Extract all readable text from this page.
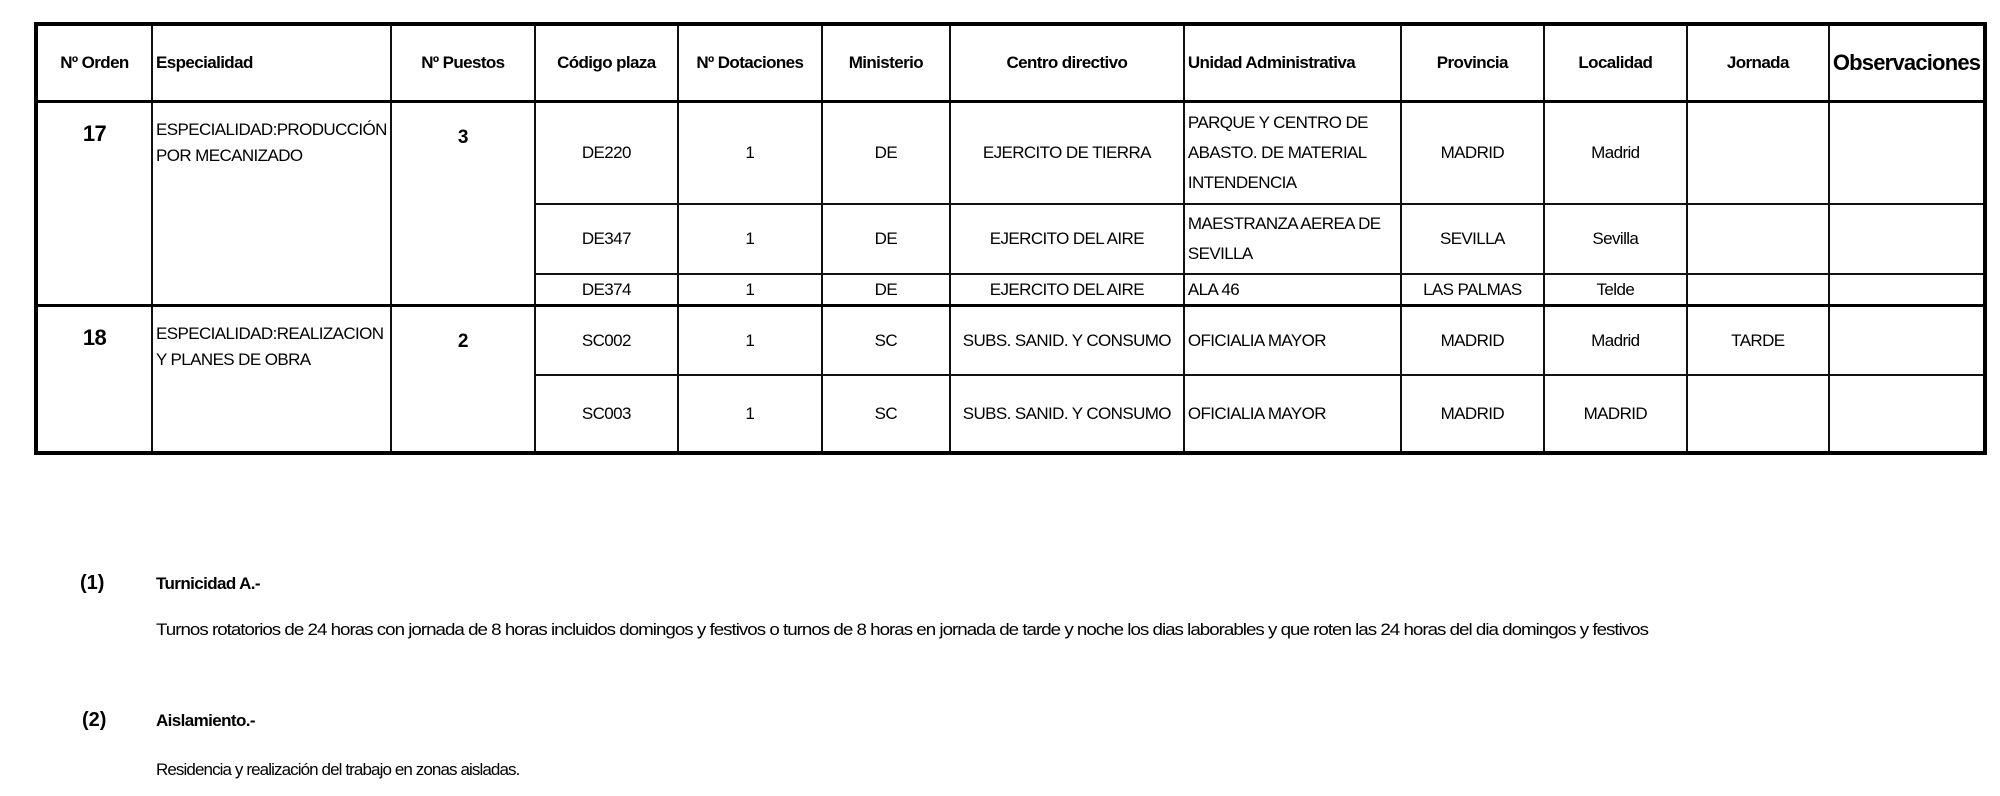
Nº Orden	Especialidad	Nº Puestos	Código plaza	Nº Dotaciones	Ministerio	Centro directivo	Unidad Administrativa	Provincia	Localidad	Jornada	Observaciones
17	ESPECIALIDAD:PRODUCCIÓN POR MECANIZADO	3	DE220	1	DE	EJERCITO DE TIERRA	PARQUE Y CENTRO DE ABASTO. DE MATERIAL INTENDENCIA	MADRID	Madrid		
			DE347	1	DE	EJERCITO DEL AIRE	MAESTRANZA AEREA DE SEVILLA	SEVILLA	Sevilla		
			DE374	1	DE	EJERCITO DEL AIRE	ALA 46	LAS PALMAS	Telde		
18	ESPECIALIDAD:REALIZACION Y PLANES DE OBRA	2	SC002	1	SC	SUBS. SANID. Y CONSUMO	OFICIALIA MAYOR	MADRID	Madrid	TARDE	
			SC003	1	SC	SUBS. SANID. Y CONSUMO	OFICIALIA MAYOR	MADRID	MADRID		
(1)	Turnicidad A.-
Turnos rotatorios de 24 horas con jornada de 8 horas incluidos domingos y festivos o turnos de 8 horas en jornada de tarde y noche los dias laborables y que roten las 24 horas del dia domingos y festivos
(2)	Aislamiento.-
Residencia y realización del trabajo en zonas aisladas.
